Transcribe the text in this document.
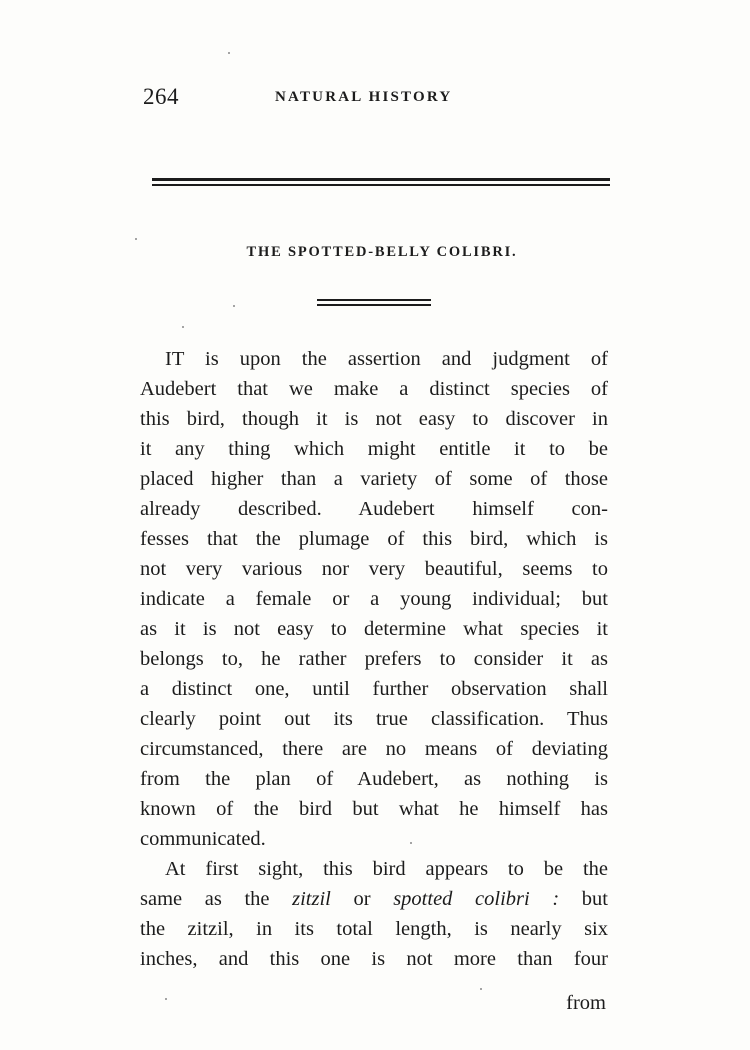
264	NATURAL HISTORY
THE SPOTTED-BELLY COLIBRI.
IT is upon the assertion and judgment of
Audebert that we make a distinct species of
this bird, though it is not easy to discover in
it any thing which might entitle it to be
placed higher than a variety of some of those
already described. Audebert himself con-
fesses that the plumage of this bird, which is
not very various nor very beautiful, seems to
indicate a female or a young individual; but
as it is not easy to determine what species it
belongs to, he rather prefers to consider it as
a distinct one, until further observation shall
clearly point out its true classification. Thus
circumstanced, there are no means of deviating
from the plan of Audebert, as nothing is
known of the bird but what he himself has
communicated.
At first sight, this bird appears to be the
same as the zitzil or spotted colibri : but
the zitzil, in its total length, is nearly six
inches, and this one is not more than four
from
